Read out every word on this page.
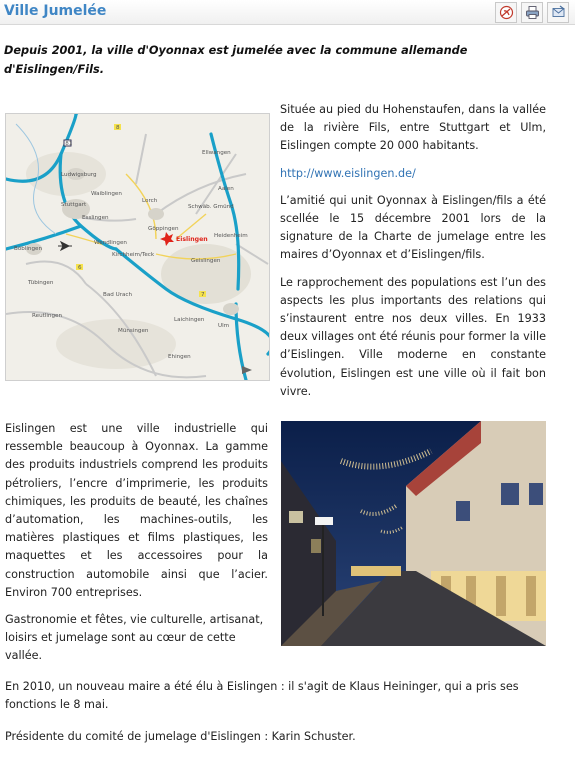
Ville Jumelée

Depuis 2001, la ville d'Oyonnax est jumelée avec la commune allemande d'Eislingen/Fils.

Située au pied du Hohenstaufen, dans la vallée de la rivière Fils, entre Stuttgart et Ulm, Eislingen compte 20 000 habitants.

http://www.eislingen.de/

L’amitié qui unit Oyonnax à Eislingen/fils a été scellée le 15 décembre 2001 lors de la signature de la Charte de jumelage entre les maires d’Oyonnax et d’Eislingen/fils.

Le rapprochement des populations est l’un des aspects les plus importants des relations qui s’instaurent entre nos deux villes. En 1933 deux villages ont été réunis pour former la ville d’Eislingen. Ville moderne en constante évolution, Eislingen est une ville où il fait bon vivre.

81
8
7
6
Ludwigsburg
Waiblingen
Stuttgart
Esslingen
Böblingen
Wendlingen
Kirchheim/Teck
Göppingen
Eislingen
Lorch
Schwäb. Gmünd
Aalen
Ellwangen
Heidenheim
Geislingen
Tübingen
Reutlingen
Bad Urach
Münsingen
Laichingen
Ulm
Ehingen

Eislingen est une ville industrielle qui ressemble beaucoup à Oyonnax. La gamme des produits industriels comprend les produits pétroliers, l’encre d’imprimerie, les produits chimiques, les produits de beauté, les chaînes d’automation, les machines-outils, les matières plastiques et films plastiques, les maquettes et les accessoires pour la construction automobile ainsi que l’acier. Environ 700 entreprises.

Gastronomie et fêtes, vie culturelle, artisanat, loisirs et jumelage sont au cœur de cette vallée.

En 2010, un nouveau maire a été élu à Eislingen : il s'agit de Klaus Heininger, qui a pris ses fonctions le 8 mai.

Présidente du comité de jumelage d'Eislingen : Karin Schuster.
